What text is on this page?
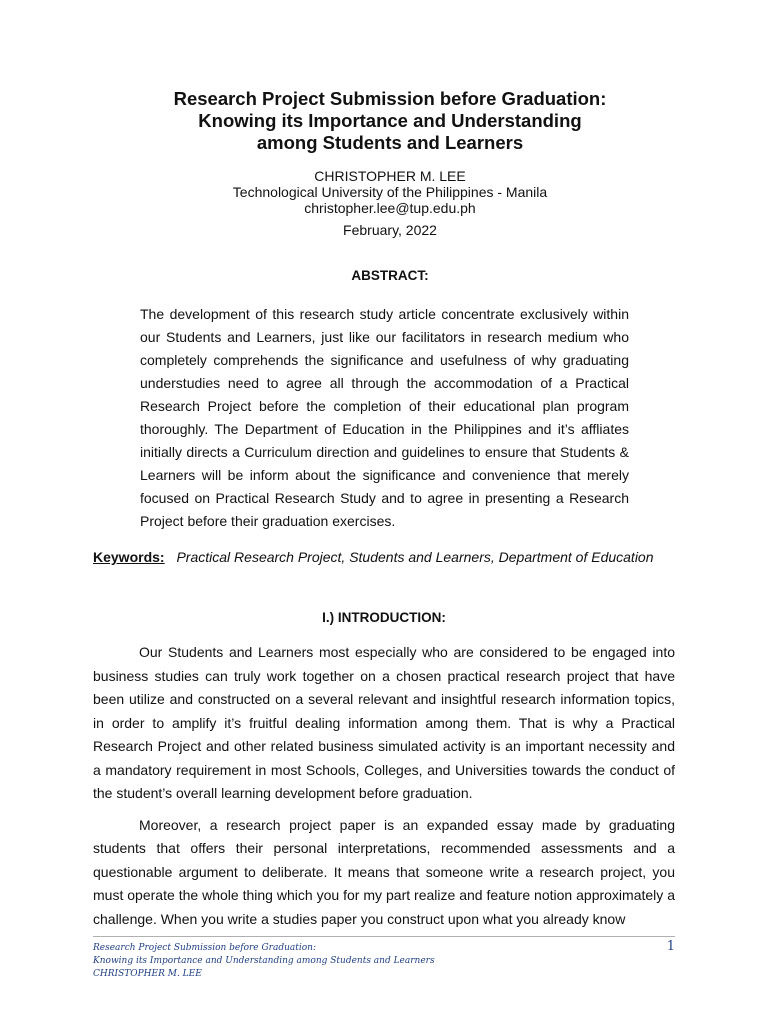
Research Project Submission before Graduation:
Knowing its Importance and Understanding
among Students and Learners
CHRISTOPHER M. LEE
Technological University of the Philippines - Manila
christopher.lee@tup.edu.ph
February, 2022
ABSTRACT:

The development of this research study article concentrate exclusively within our Students and Learners, just like our facilitators in research medium who completely comprehends the significance and usefulness of why graduating understudies need to agree all through the accommodation of a Practical Research Project before the completion of their educational plan program thoroughly. The Department of Education in the Philippines and it’s affliates initially directs a Curriculum direction and guidelines to ensure that Students & Learners will be inform about the significance and convenience that merely focused on Practical Research Study and to agree in presenting a Research Project before their graduation exercises.

Keywords: Practical Research Project, Students and Learners, Department of Education
I.) INTRODUCTION:

Our Students and Learners most especially who are considered to be engaged into business studies can truly work together on a chosen practical research project that have been utilize and constructed on a several relevant and insightful research information topics, in order to amplify it’s fruitful dealing information among them. That is why a Practical Research Project and other related business simulated activity is an important necessity and a mandatory requirement in most Schools, Colleges, and Universities towards the conduct of the student’s overall learning development before graduation.

Moreover, a research project paper is an expanded essay made by graduating students that offers their personal interpretations, recommended assessments and a questionable argument to deliberate. It means that someone write a research project, you must operate the whole thing which you for my part realize and feature notion approximately a challenge. When you write a studies paper you construct upon what you already know

Research Project Submission before Graduation:
Knowing its Importance and Understanding among Students and Learners
CHRISTOPHER M. LEE
1
